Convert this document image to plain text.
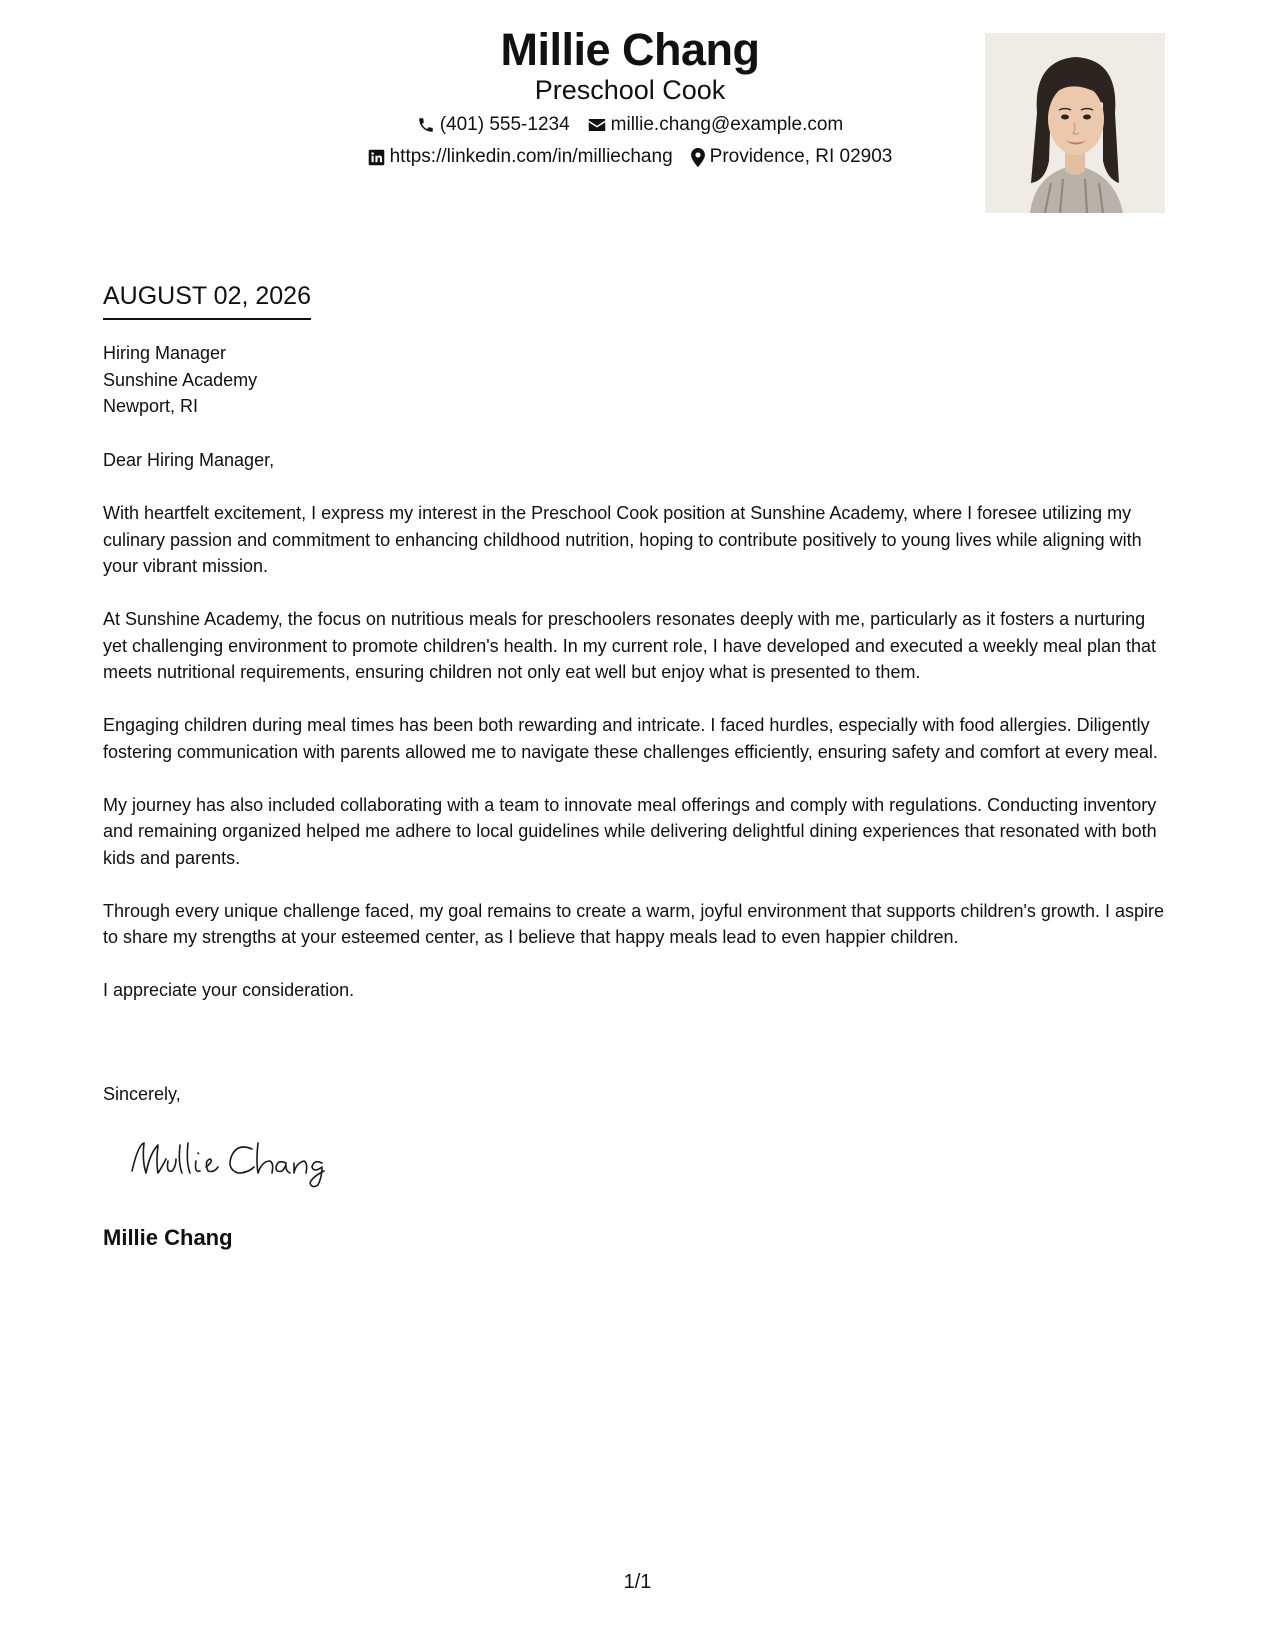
Millie Chang
Preschool Cook
(401) 555-1234 millie.chang@example.com
https://linkedin.com/in/milliechang Providence, RI 02903
AUGUST 02, 2026
Hiring Manager
Sunshine Academy
Newport, RI

Dear Hiring Manager,

With heartfelt excitement, I express my interest in the Preschool Cook position at Sunshine Academy, where I foresee utilizing my culinary passion and commitment to enhancing childhood nutrition, hoping to contribute positively to young lives while aligning with your vibrant mission.

At Sunshine Academy, the focus on nutritious meals for preschoolers resonates deeply with me, particularly as it fosters a nurturing yet challenging environment to promote children's health. In my current role, I have developed and executed a weekly meal plan that meets nutritional requirements, ensuring children not only eat well but enjoy what is presented to them.

Engaging children during meal times has been both rewarding and intricate. I faced hurdles, especially with food allergies. Diligently fostering communication with parents allowed me to navigate these challenges efficiently, ensuring safety and comfort at every meal.

My journey has also included collaborating with a team to innovate meal offerings and comply with regulations. Conducting inventory and remaining organized helped me adhere to local guidelines while delivering delightful dining experiences that resonated with both kids and parents.

Through every unique challenge faced, my goal remains to create a warm, joyful environment that supports children's growth. I aspire to share my strengths at your esteemed center, as I believe that happy meals lead to even happier children.

I appreciate your consideration.

Sincerely,
Millie Chang
1/1
